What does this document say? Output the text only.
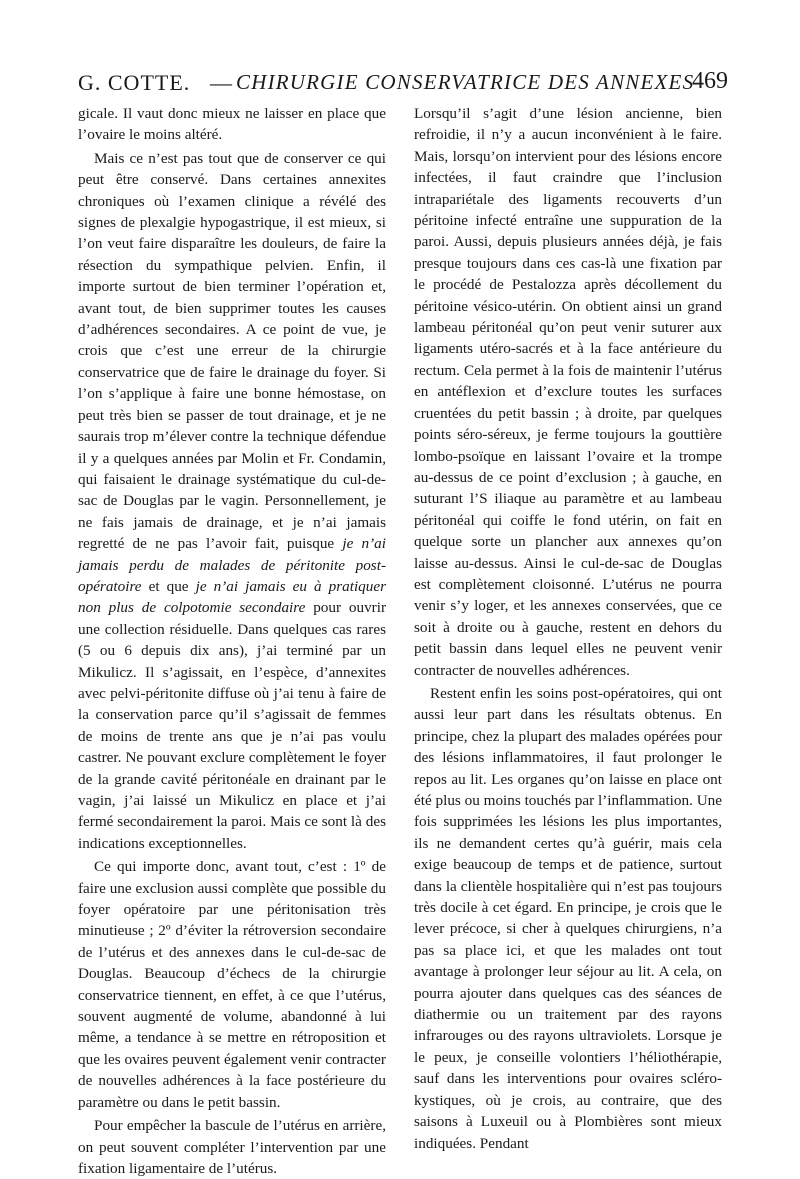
G. COTTE. — CHIRURGIE CONSERVATRICE DES ANNEXES
469

gicale. Il vaut donc mieux ne laisser en place que l’ovaire le moins altéré.

Mais ce n’est pas tout que de conserver ce qui peut être conservé. Dans certaines annexites chroniques où l’examen clinique a révélé des signes de plexalgie hypogastrique, il est mieux, si l’on veut faire disparaître les douleurs, de faire la résection du sympathique pelvien. Enfin, il importe surtout de bien terminer l’opération et, avant tout, de bien supprimer toutes les causes d’adhérences secondaires. A ce point de vue, je crois que c’est une erreur de la chirurgie conservatrice que de faire le drainage du foyer. Si l’on s’applique à faire une bonne hémostase, on peut très bien se passer de tout drainage, et je ne saurais trop m’élever contre la technique défendue il y a quelques années par Molin et Fr. Condamin, qui faisaient le drainage systématique du cul-de-sac de Douglas par le vagin. Personnellement, je ne fais jamais de drainage, et je n’ai jamais regretté de ne pas l’avoir fait, puisque je n’ai jamais perdu de malades de péritonite post-opératoire et que je n’ai jamais eu à pratiquer non plus de colpotomie secondaire pour ouvrir une collection résiduelle. Dans quelques cas rares (5 ou 6 depuis dix ans), j’ai terminé par un Mikulicz. Il s’agissait, en l’espèce, d’annexites avec pelvi-péritonite diffuse où j’ai tenu à faire de la conservation parce qu’il s’agissait de femmes de moins de trente ans que je n’ai pas voulu castrer. Ne pouvant exclure complètement le foyer de la grande cavité péritonéale en drainant par le vagin, j’ai laissé un Mikulicz en place et j’ai fermé secondairement la paroi. Mais ce sont là des indications exceptionnelles.

Ce qui importe donc, avant tout, c’est : 1º de faire une exclusion aussi complète que possible du foyer opératoire par une péritonisation très minutieuse ; 2º d’éviter la rétroversion secondaire de l’utérus et des annexes dans le cul-de-sac de Douglas. Beaucoup d’échecs de la chirurgie conservatrice tiennent, en effet, à ce que l’utérus, souvent augmenté de volume, abandonné à lui même, a tendance à se mettre en rétroposition et que les ovaires peuvent également venir contracter de nouvelles adhérences à la face postérieure du paramètre ou dans le petit bassin.

Pour empêcher la bascule de l’utérus en arrière, on peut souvent compléter l’intervention par une fixation ligamentaire de l’utérus.

Lorsqu’il s’agit d’une lésion ancienne, bien refroidie, il n’y a aucun inconvénient à le faire. Mais, lorsqu’on intervient pour des lésions encore infectées, il faut craindre que l’inclusion intrapariétale des ligaments recouverts d’un péritoine infecté entraîne une suppuration de la paroi. Aussi, depuis plusieurs années déjà, je fais presque toujours dans ces cas-là une fixation par le procédé de Pestalozza après décollement du péritoine vésico-utérin. On obtient ainsi un grand lambeau péritonéal qu’on peut venir suturer aux ligaments utéro-sacrés et à la face antérieure du rectum. Cela permet à la fois de maintenir l’utérus en antéflexion et d’exclure toutes les surfaces cruentées du petit bassin ; à droite, par quelques points séro-séreux, je ferme toujours la gouttière lombo-psoïque en laissant l’ovaire et la trompe au-dessus de ce point d’exclusion ; à gauche, en suturant l’S iliaque au paramètre et au lambeau péritonéal qui coiffe le fond utérin, on fait en quelque sorte un plancher aux annexes qu’on laisse au-dessus. Ainsi le cul-de-sac de Douglas est complètement cloisonné. L’utérus ne pourra venir s’y loger, et les annexes conservées, que ce soit à droite ou à gauche, restent en dehors du petit bassin dans lequel elles ne peuvent venir contracter de nouvelles adhérences.

Restent enfin les soins post-opératoires, qui ont aussi leur part dans les résultats obtenus. En principe, chez la plupart des malades opérées pour des lésions inflammatoires, il faut prolonger le repos au lit. Les organes qu’on laisse en place ont été plus ou moins touchés par l’inflammation. Une fois supprimées les lésions les plus importantes, ils ne demandent certes qu’à guérir, mais cela exige beaucoup de temps et de patience, surtout dans la clientèle hospitalière qui n’est pas toujours très docile à cet égard. En principe, je crois que le lever précoce, si cher à quelques chirurgiens, n’a pas sa place ici, et que les malades ont tout avantage à prolonger leur séjour au lit. A cela, on pourra ajouter dans quelques cas des séances de diathermie ou un traitement par des rayons infrarouges ou des rayons ultraviolets. Lorsque je le peux, je conseille volontiers l’héliothérapie, sauf dans les interventions pour ovaires scléro-kystiques, où je crois, au contraire, que des saisons à Luxeuil ou à Plombières sont mieux indiquées. Pendant
